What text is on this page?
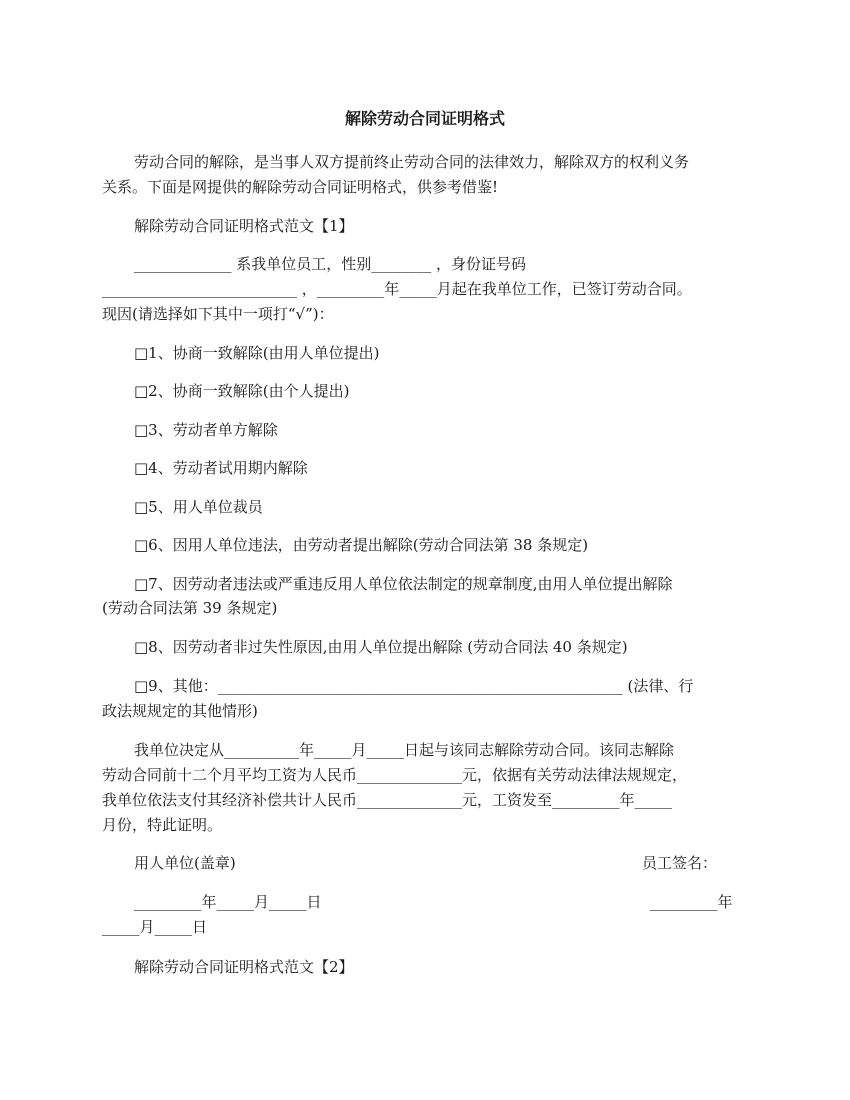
解除劳动合同证明格式
劳动合同的解除，是当事人双方提前终止劳动合同的法律效力，解除双方的权利义务
关系。下面是网提供的解除劳动合同证明格式，供参考借鉴!
解除劳动合同证明格式范文【1】
_____________ 系我单位员工，性别________ ，身份证号码
__________________________ ，_________年_____月起在我单位工作，已签订劳动合同。
现因(请选择如下其中一项打“√”)：
□1、协商一致解除(由用人单位提出)
□2、协商一致解除(由个人提出)
□3、劳动者单方解除
□4、劳动者试用期内解除
□5、用人单位裁员
□6、因用人单位违法，由劳动者提出解除(劳动合同法第 38 条规定)
□7、因劳动者违法或严重违反用人单位依法制定的规章制度,由用人单位提出解除
(劳动合同法第 39 条规定)
□8、因劳动者非过失性原因,由用人单位提出解除 (劳动合同法 40 条规定)
□9、其他：______________________________________________________ (法律、行
政法规规定的其他情形)
我单位决定从__________年_____月_____日起与该同志解除劳动合同。该同志解除
劳动合同前十二个月平均工资为人民币______________元，依据有关劳动法律法规规定，
我单位依法支付其经济补偿共计人民币______________元，工资发至_________年_____
月份，特此证明。
用人单位(盖章)	员工签名：
_________年_____月_____日	_________年
_____月_____日
解除劳动合同证明格式范文【2】
